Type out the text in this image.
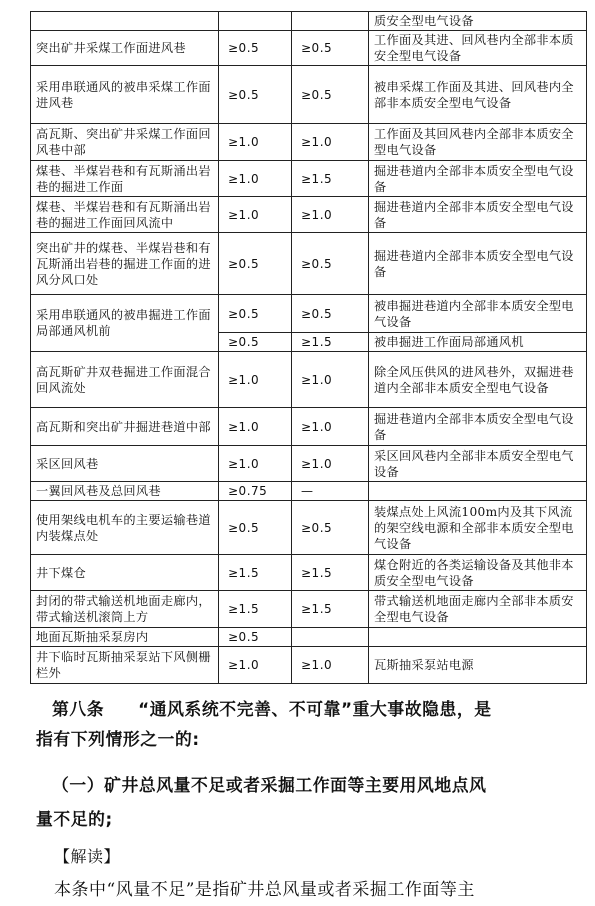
			质安全型电气设备
突出矿井采煤工作面进风巷	≥0.5	≥0.5	工作面及其进、回风巷内全部非本质安全型电气设备
采用串联通风的被串采煤工作面进风巷	≥0.5	≥0.5	被串采煤工作面及其进、回风巷内全部非本质安全型电气设备
高瓦斯、突出矿井采煤工作面回风巷中部	≥1.0	≥1.0	工作面及其回风巷内全部非本质安全型电气设备
煤巷、半煤岩巷和有瓦斯涌出岩巷的掘进工作面	≥1.0	≥1.5	掘进巷道内全部非本质安全型电气设备
煤巷、半煤岩巷和有瓦斯涌出岩巷的掘进工作面回风流中	≥1.0	≥1.0	掘进巷道内全部非本质安全型电气设备
突出矿井的煤巷、半煤岩巷和有瓦斯涌出岩巷的掘进工作面的进风分风口处	≥0.5	≥0.5	掘进巷道内全部非本质安全型电气设备
采用串联通风的被串掘进工作面局部通风机前	≥0.5	≥0.5	被串掘进巷道内全部非本质安全型电气设备
	≥0.5	≥1.5	被串掘进工作面局部通风机
高瓦斯矿井双巷掘进工作面混合回风流处	≥1.0	≥1.0	除全风压供风的进风巷外，双掘进巷道内全部非本质安全型电气设备
高瓦斯和突出矿井掘进巷道中部	≥1.0	≥1.0	掘进巷道内全部非本质安全型电气设备
采区回风巷	≥1.0	≥1.0	采区回风巷内全部非本质安全型电气设备
一翼回风巷及总回风巷	≥0.75	—	
使用架线电机车的主要运输巷道内装煤点处	≥0.5	≥0.5	装煤点处上风流100m内及其下风流的架空线电源和全部非本质安全型电气设备
井下煤仓	≥1.5	≥1.5	煤仓附近的各类运输设备及其他非本质安全型电气设备
封闭的带式输送机地面走廊内，带式输送机滚筒上方	≥1.5	≥1.5	带式输送机地面走廊内全部非本质安全型电气设备
地面瓦斯抽采泵房内	≥0.5		
井下临时瓦斯抽采泵站下风侧栅栏外	≥1.0	≥1.0	瓦斯抽采泵站电源
第八条 “通风系统不完善、不可靠”重大事故隐患，是
指有下列情形之一的:
（一）矿井总风量不足或者采掘工作面等主要用风地点风
量不足的;
【解读】
本条中“风量不足”是指矿井总风量或者采掘工作面等主
